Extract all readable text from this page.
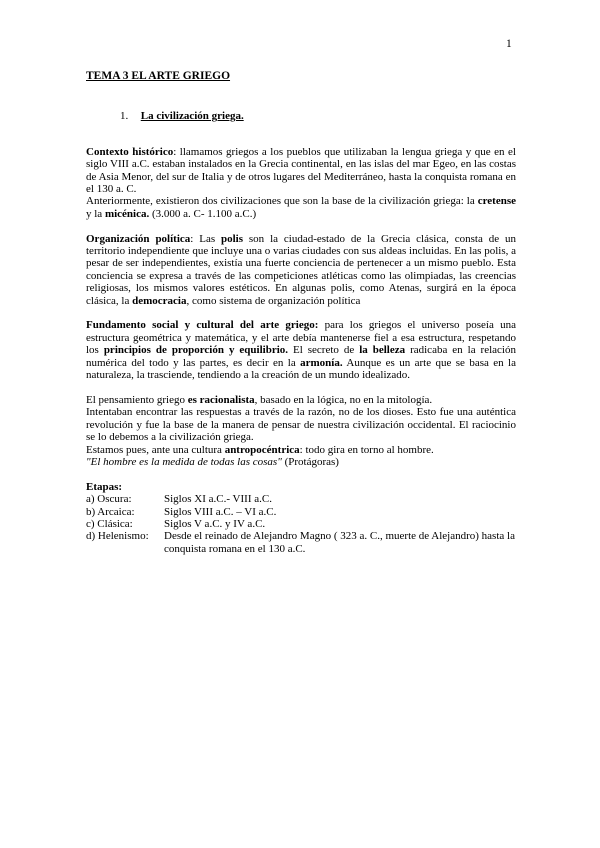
1
TEMA 3 EL ARTE GRIEGO
1. La civilización griega.

Contexto histórico: llamamos griegos a los pueblos que utilizaban la lengua griega y que en el siglo VIII a.C. estaban instalados en la Grecia continental, en las islas del mar Egeo, en las costas de Asia Menor, del sur de Italia y de otros lugares del Mediterráneo, hasta la conquista romana en el 130 a. C.

Anteriormente, existieron dos civilizaciones que son la base de la civilización griega: la cretense y la micénica. (3.000 a. C- 1.100 a.C.)

Organización política: Las polis son la ciudad-estado de la Grecia clásica, consta de un territorio independiente que incluye una o varias ciudades con sus aldeas incluidas. En las polis, a pesar de ser independientes, existía una fuerte conciencia de pertenecer a un mismo pueblo. Esta conciencia se expresa a través de las competiciones atléticas como las olimpiadas, las creencias religiosas, los mismos valores estéticos. En algunas polis, como Atenas, surgirá en la época clásica, la democracia, como sistema de organización política

Fundamento social y cultural del arte griego: para los griegos el universo poseía una estructura geométrica y matemática, y el arte debía mantenerse fiel a esa estructura, respetando los principios de proporción y equilibrio. El secreto de la belleza radicaba en la relación numérica del todo y las partes, es decir en la armonía. Aunque es un arte que se basa en la naturaleza, la trasciende, tendiendo a la creación de un mundo idealizado.

El pensamiento griego es racionalista, basado en la lógica, no en la mitología.

Intentaban encontrar las respuestas a través de la razón, no de los dioses. Esto fue una auténtica revolución y fue la base de la manera de pensar de nuestra civilización occidental. El raciocinio se lo debemos a la civilización griega.

Estamos pues, ante una cultura antropocéntrica: todo gira en torno al hombre.

"El hombre es la medida de todas las cosas" (Protágoras)

Etapas:
a) Oscura:	Siglos XI a.C.- VIII a.C.
b) Arcaica:	Siglos VIII a.C. – VI a.C.
c) Clásica:	Siglos V a.C. y IV a.C.
d) Helenismo:	Desde el reinado de Alejandro Magno ( 323 a. C., muerte de Alejandro) hasta la conquista romana en el 130 a.C.
